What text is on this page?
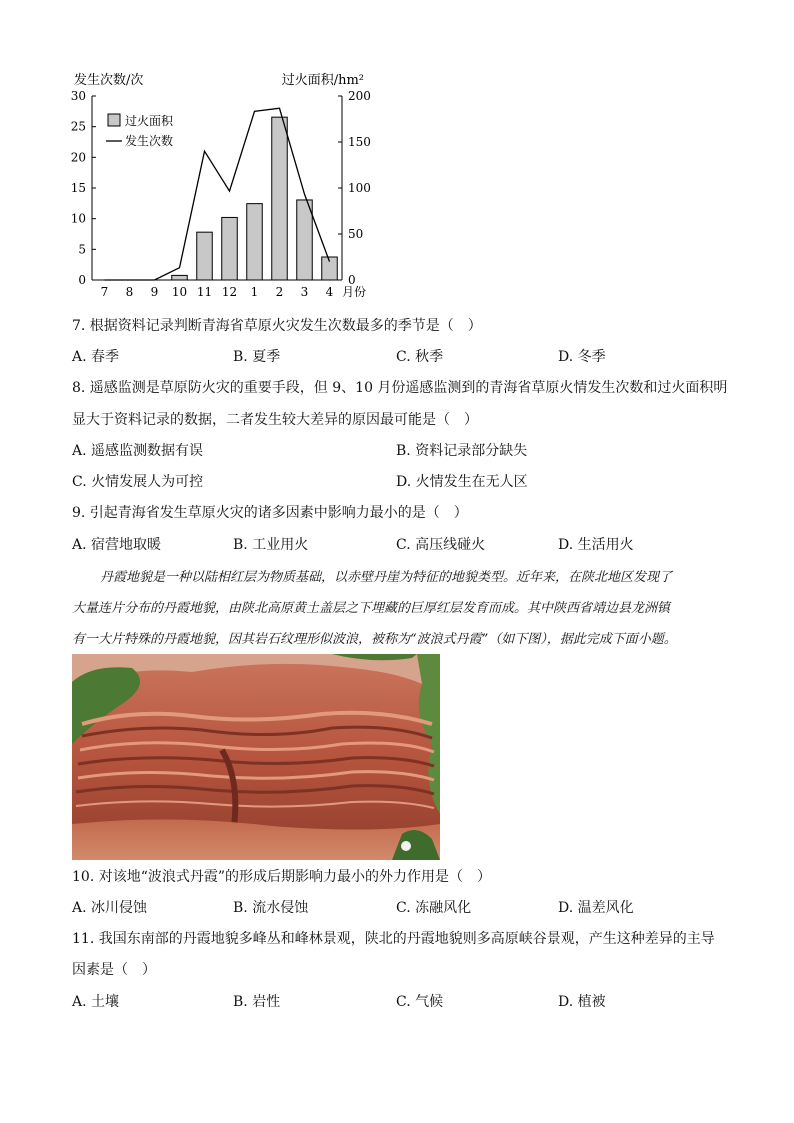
发生次数/次	过火面积/hm²
月份
0
5
10
15
20
25
30
0
50
100
150
200
7 8 9 10 11 12 1 2 3 4
过火面积
发生次数
7. 根据资料记录判断青海省草原火灾发生次数最多的季节是（　）
A. 春季	B. 夏季	C. 秋季	D. 冬季
8. 遥感监测是草原防火灾的重要手段，但 9、10 月份遥感监测到的青海省草原火情发生次数和过火面积明
显大于资料记录的数据，二者发生较大差异的原因最可能是（　）
A. 遥感监测数据有误	B. 资料记录部分缺失
C. 火情发展人为可控	D. 火情发生在无人区
9. 引起青海省发生草原火灾的诸多因素中影响力最小的是（　）
A. 宿营地取暖	B. 工业用火	C. 高压线碰火	D. 生活用火
丹霞地貌是一种以陆相红层为物质基础，以赤壁丹崖为特征的地貌类型。近年来，在陕北地区发现了
大量连片分布的丹霞地貌，由陕北高原黄土盖层之下埋藏的巨厚红层发育而成。其中陕西省靖边县龙洲镇
有一大片特殊的丹霞地貌，因其岩石纹理形似波浪，被称为“波浪式丹霞”（如下图），据此完成下面小题。
10. 对该地“波浪式丹霞”的形成后期影响力最小的外力作用是（　）
A. 冰川侵蚀	B. 流水侵蚀	C. 冻融风化	D. 温差风化
11. 我国东南部的丹霞地貌多峰丛和峰林景观，陕北的丹霞地貌则多高原峡谷景观，产生这种差异的主导
因素是（　）
A. 土壤	B. 岩性	C. 气候	D. 植被
